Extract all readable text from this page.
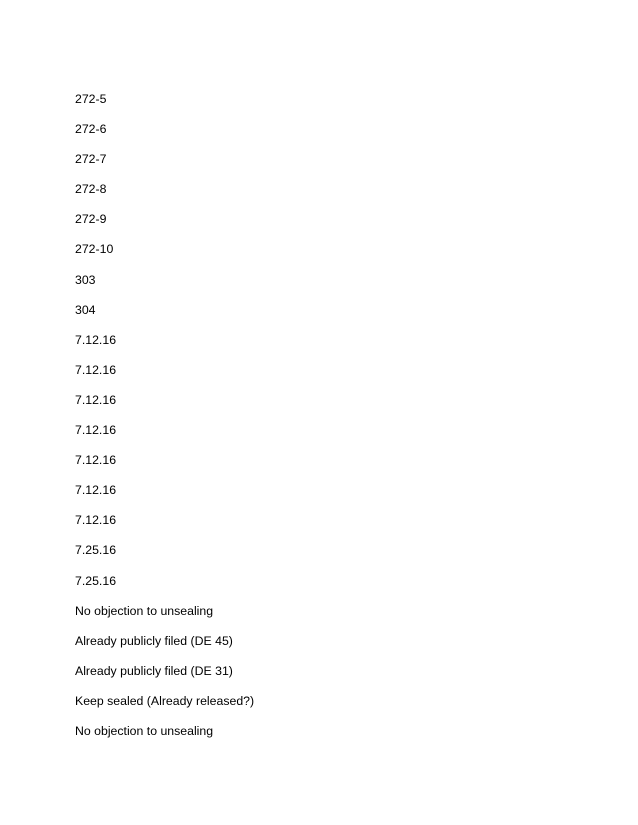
272-5
272-6
272-7
272-8
272-9
272-10
303
304
7.12.16
7.12.16
7.12.16
7.12.16
7.12.16
7.12.16
7.12.16
7.25.16
7.25.16
No objection to unsealing
Already publicly filed (DE 45)
Already publicly filed (DE 31)
Keep sealed (Already released?)
No objection to unsealing
